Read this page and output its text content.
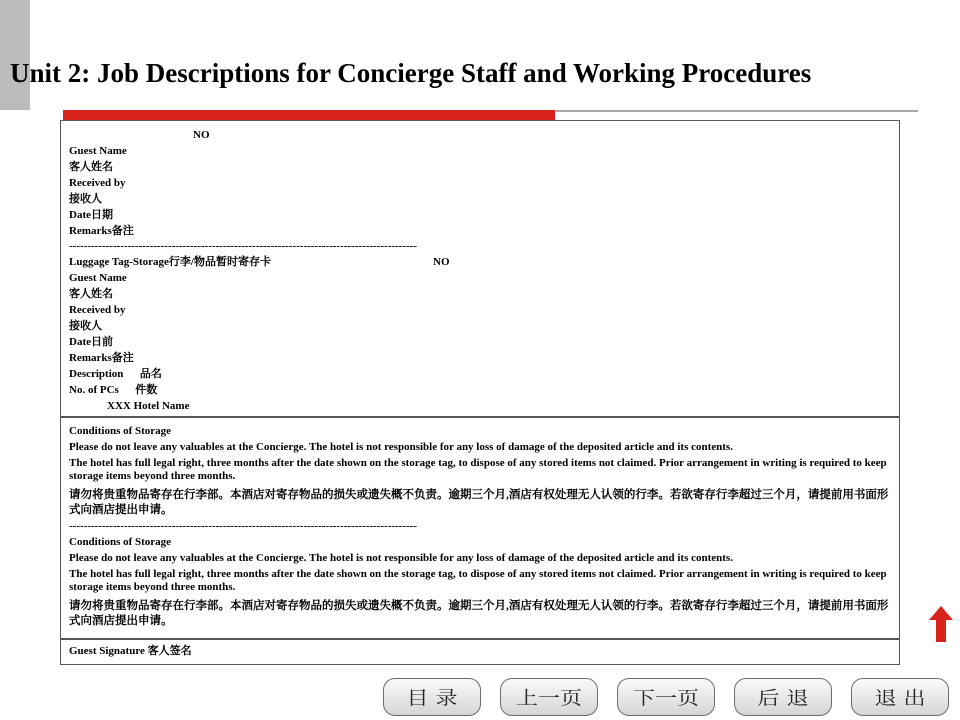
Unit 2: Job Descriptions for Concierge Staff and Working Procedures
NO
Guest Name
客人姓名
Received by
接收人
Date日期
Remarks备注
-----------------------------------------------------------------------------------------------
Luggage Tag-Storage行李/物品暂时寄存卡	NO
Guest Name
客人姓名
Received by
接收人
Date日前
Remarks备注
Description      品名
No. of PCs      件数
XXX Hotel Name
Conditions of Storage
Please do not leave any valuables at the Concierge. The hotel is not responsible for any loss of damage of the deposited article and its contents.
The hotel has full legal right, three months after the date shown on the storage tag, to dispose of any stored items not claimed. Prior arrangement in writing is required to keep storage items beyond three months.
请勿将贵重物品寄存在行李部。本酒店对寄存物品的损失或遗失概不负责。逾期三个月,酒店有权处理无人认领的行李。若欲寄存行李超过三个月，请提前用书面形式向酒店提出申请。
-----------------------------------------------------------------------------------------------
Conditions of Storage
Please do not leave any valuables at the Concierge. The hotel is not responsible for any loss of damage of the deposited article and its contents.
The hotel has full legal right, three months after the date shown on the storage tag, to dispose of any stored items not claimed. Prior arrangement in writing is required to keep storage items beyond three months.
请勿将贵重物品寄存在行李部。本酒店对寄存物品的损失或遗失概不负责。逾期三个月,酒店有权处理无人认领的行李。若欲寄存行李超过三个月，请提前用书面形式向酒店提出申请。
Guest Signature 客人签名
目 录	上一页 下一页	后 退	退 出
